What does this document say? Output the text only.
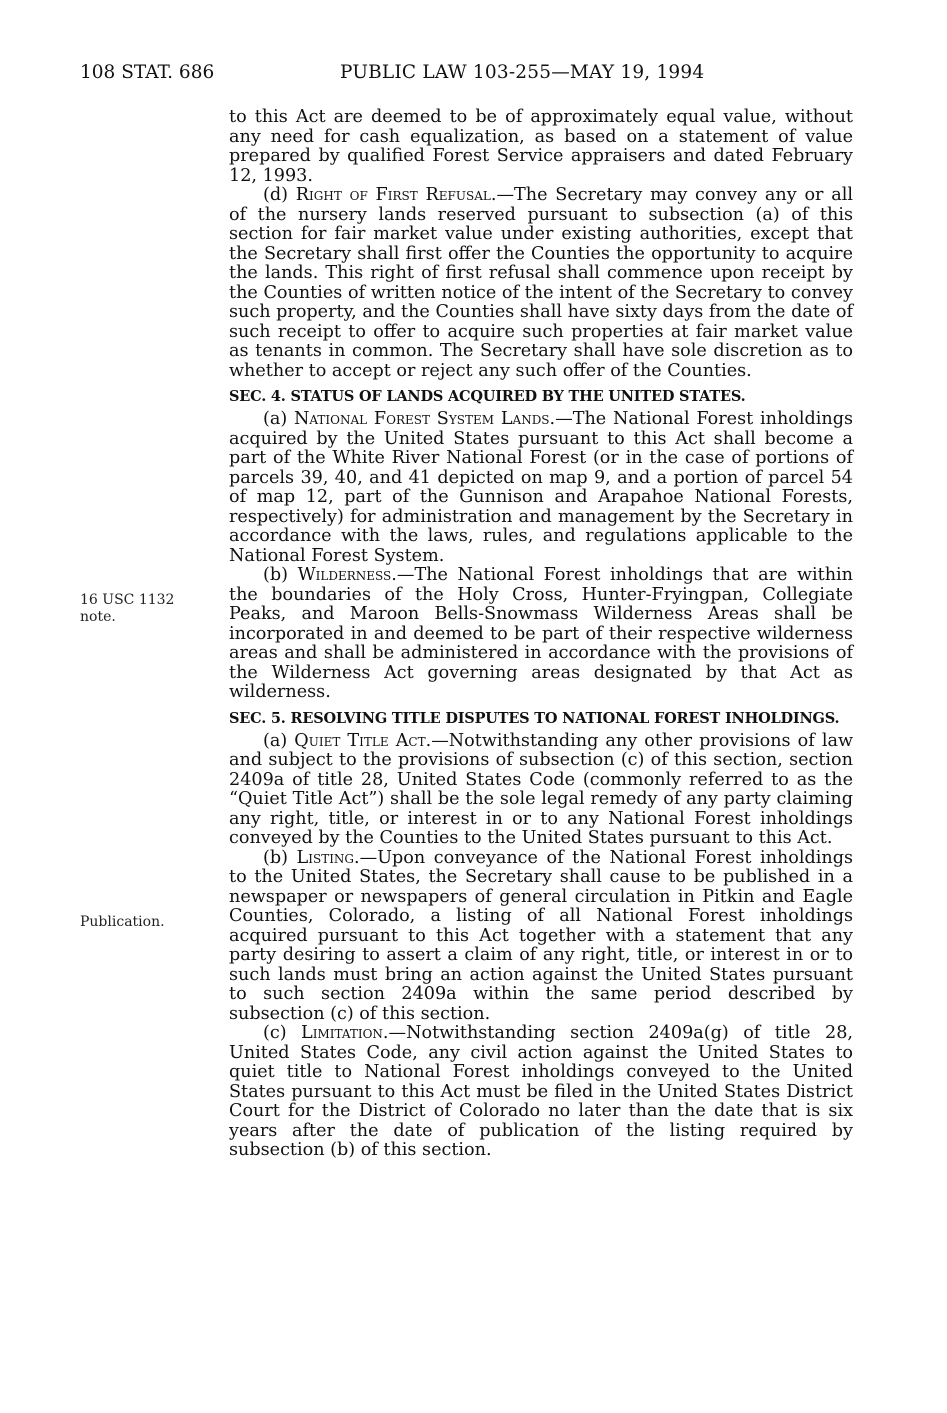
108 STAT. 686	PUBLIC LAW 103-255—MAY 19, 1994
16 USC 1132
note.
Publication.

to this Act are deemed to be of approximately equal value, without any need for cash equalization, as based on a statement of value prepared by qualified Forest Service appraisers and dated February 12, 1993.

(d) Right of First Refusal.—The Secretary may convey any or all of the nursery lands reserved pursuant to subsection (a) of this section for fair market value under existing authorities, except that the Secretary shall first offer the Counties the opportunity to acquire the lands. This right of first refusal shall commence upon receipt by the Counties of written notice of the intent of the Secretary to convey such property, and the Counties shall have sixty days from the date of such receipt to offer to acquire such properties at fair market value as tenants in common. The Secretary shall have sole discretion as to whether to accept or reject any such offer of the Counties.

SEC. 4. STATUS OF LANDS ACQUIRED BY THE UNITED STATES.

(a) National Forest System Lands.—The National Forest inholdings acquired by the United States pursuant to this Act shall become a part of the White River National Forest (or in the case of portions of parcels 39, 40, and 41 depicted on map 9, and a portion of parcel 54 of map 12, part of the Gunnison and Arapahoe National Forests, respectively) for administration and management by the Secretary in accordance with the laws, rules, and regulations applicable to the National Forest System.

(b) Wilderness.—The National Forest inholdings that are within the boundaries of the Holy Cross, Hunter-Fryingpan, Collegiate Peaks, and Maroon Bells-Snowmass Wilderness Areas shall be incorporated in and deemed to be part of their respective wilderness areas and shall be administered in accordance with the provisions of the Wilderness Act governing areas designated by that Act as wilderness.

SEC. 5. RESOLVING TITLE DISPUTES TO NATIONAL FOREST INHOLDINGS.

(a) Quiet Title Act.—Notwithstanding any other provisions of law and subject to the provisions of subsection (c) of this section, section 2409a of title 28, United States Code (commonly referred to as the “Quiet Title Act”) shall be the sole legal remedy of any party claiming any right, title, or interest in or to any National Forest inholdings conveyed by the Counties to the United States pursuant to this Act.

(b) Listing.—Upon conveyance of the National Forest inholdings to the United States, the Secretary shall cause to be published in a newspaper or newspapers of general circulation in Pitkin and Eagle Counties, Colorado, a listing of all National Forest inholdings acquired pursuant to this Act together with a statement that any party desiring to assert a claim of any right, title, or interest in or to such lands must bring an action against the United States pursuant to such section 2409a within the same period described by subsection (c) of this section.

(c) Limitation.—Notwithstanding section 2409a(g) of title 28, United States Code, any civil action against the United States to quiet title to National Forest inholdings conveyed to the United States pursuant to this Act must be filed in the United States District Court for the District of Colorado no later than the date that is six years after the date of publication of the listing required by subsection (b) of this section.
